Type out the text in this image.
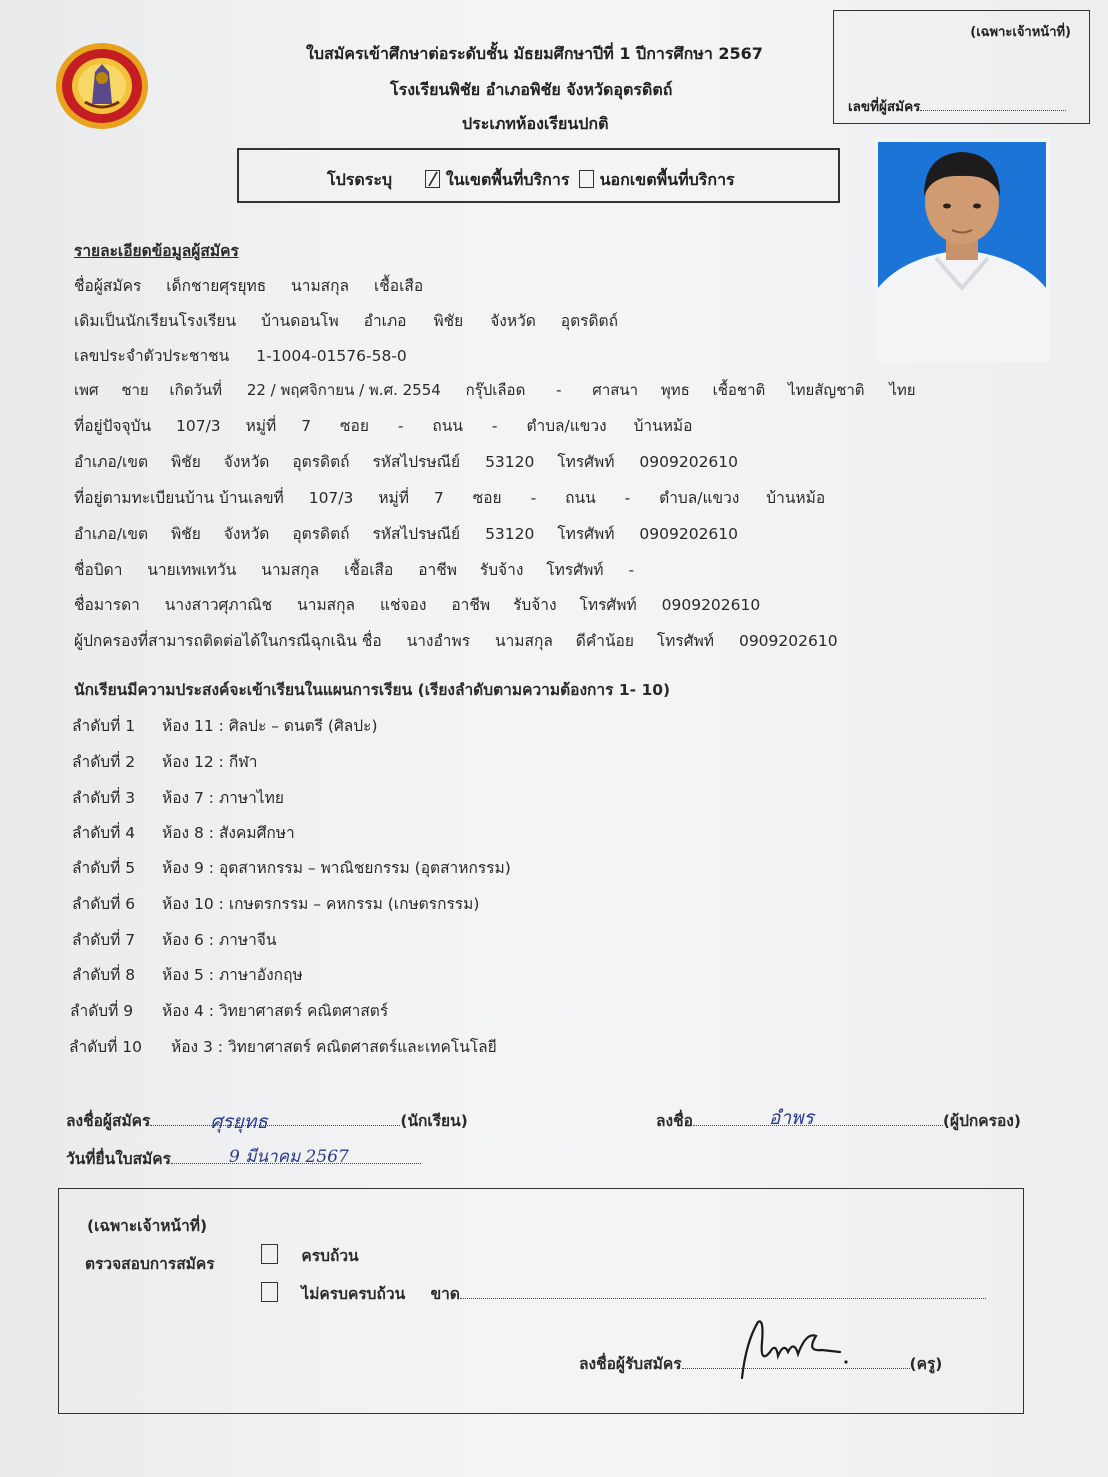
ใบสมัครเข้าศึกษาต่อระดับชั้น มัธยมศึกษาปีที่ 1 ปีการศึกษา 2567
โรงเรียนพิชัย อำเภอพิชัย จังหวัดอุตรดิตถ์
ประเภทห้องเรียนปกติ
(เฉพาะเจ้าหน้าที่)
เลขที่ผู้สมัคร
โปรดระบุ	ในเขตพื้นที่บริการ นอกเขตพื้นที่บริการ
รายละเอียดข้อมูลผู้สมัคร
ชื่อผู้สมัคร เด็กชายศุรยุทธ นามสกุล เชื้อเสือ
เดิมเป็นนักเรียนโรงเรียน บ้านดอนโพ อำเภอ พิชัย จังหวัด อุตรดิตถ์
เลขประจำตัวประชาชน 1-1004-01576-58-0
เพศ ชาย เกิดวันที่ 22 / พฤศจิกายน / พ.ศ. 2554 กรุ๊ปเลือด - ศาสนา พุทธ เชื้อชาติ ไทยสัญชาติ ไทย
ที่อยู่ปัจจุบัน 107/3 หมู่ที่ 7 ซอย - ถนน - ตำบล/แขวง บ้านหม้อ
อำเภอ/เขต พิชัย จังหวัด อุตรดิตถ์ รหัสไปรษณีย์ 53120 โทรศัพท์ 0909202610
ที่อยู่ตามทะเบียนบ้าน บ้านเลขที่ 107/3 หมู่ที่ 7 ซอย - ถนน - ตำบล/แขวง บ้านหม้อ
อำเภอ/เขต พิชัย จังหวัด อุตรดิตถ์ รหัสไปรษณีย์ 53120 โทรศัพท์ 0909202610
ชื่อบิดา นายเทพเทวัน นามสกุล เชื้อเสือ อาชีพ รับจ้าง โทรศัพท์ -
ชื่อมารดา นางสาวศุภาณิช นามสกุล แช่จอง อาชีพ รับจ้าง โทรศัพท์ 0909202610
ผู้ปกครองที่สามารถติดต่อได้ในกรณีฉุกเฉิน ชื่อ นางอำพร นามสกุล ดีคำน้อย โทรศัพท์ 0909202610
นักเรียนมีความประสงค์จะเข้าเรียนในแผนการเรียน (เรียงลำดับตามความต้องการ 1- 10)
ลำดับที่ 1 ห้อง 11 : ศิลปะ – ดนตรี (ศิลปะ)
ลำดับที่ 2 ห้อง 12 : กีฬา
ลำดับที่ 3 ห้อง 7 : ภาษาไทย
ลำดับที่ 4 ห้อง 8 : สังคมศึกษา
ลำดับที่ 5 ห้อง 9 : อุตสาหกรรม – พาณิชยกรรม (อุตสาหกรรม)
ลำดับที่ 6 ห้อง 10 : เกษตรกรรม – คหกรรม (เกษตรกรรม)
ลำดับที่ 7 ห้อง 6 : ภาษาจีน
ลำดับที่ 8 ห้อง 5 : ภาษาอังกฤษ
ลำดับที่ 9 ห้อง 4 : วิทยาศาสตร์ คณิตศาสตร์
ลำดับที่ 10 ห้อง 3 : วิทยาศาสตร์ คณิตศาสตร์และเทคโนโลยี
ลงชื่อผู้สมัคร	ศุรยุทธ	(นักเรียน)	ลงชื่อ	อำพร	(ผู้ปกครอง)
วันที่ยื่นใบสมัคร	9 มีนาคม 2567
(เฉพาะเจ้าหน้าที่)
ตรวจสอบการสมัคร	ครบถ้วน
ไม่ครบครบถ้วน ขาด
ลงชื่อผู้รับสมัคร	(ครู)
